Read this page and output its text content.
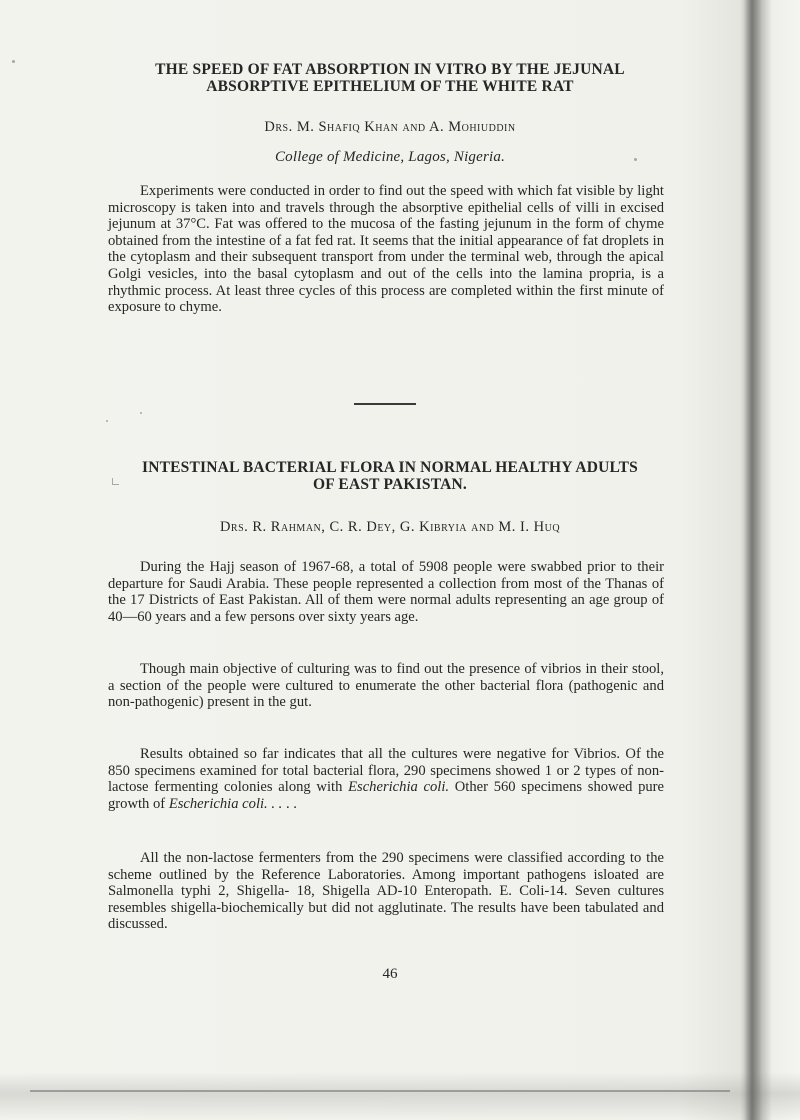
THE SPEED OF FAT ABSORPTION IN VITRO BY THE JEJUNAL
ABSORPTIVE EPITHELIUM OF THE WHITE RAT
Drs. M. Shafiq Khan and A. Mohiuddin
College of Medicine, Lagos, Nigeria.

Experiments were conducted in order to find out the speed with which fat visible by light microscopy is taken into and travels through the absorptive epithelial cells of villi in excised jejunum at 37°C. Fat was offered to the mucosa of the fasting jejunum in the form of chyme obtained from the intestine of a fat fed rat. It seems that the initial appearance of fat droplets in the cytoplasm and their subsequent transport from under the terminal web, through the apical Golgi vesicles, into the basal cytoplasm and out of the cells into the lamina propria, is a rhythmic process. At least three cycles of this process are completed within the first minute of exposure to chyme.

INTESTINAL BACTERIAL FLORA IN NORMAL HEALTHY ADULTS
OF EAST PAKISTAN.
Drs. R. Rahman, C. R. Dey, G. Kibryia and M. I. Huq

During the Hajj season of 1967-68, a total of 5908 people were swabbed prior to their departure for Saudi Arabia. These people represented a collection from most of the Thanas of the 17 Districts of East Pakistan. All of them were normal adults representing an age group of 40—60 years and a few persons over sixty years age.

Though main objective of culturing was to find out the presence of vibrios in their stool, a section of the people were cultured to enumerate the other bacterial flora (pathogenic and non-pathogenic) present in the gut.

Results obtained so far indicates that all the cultures were negative for Vibrios. Of the 850 specimens examined for total bacterial flora, 290 specimens showed 1 or 2 types of non-lactose fermenting colonies along with Escherichia coli. Other 560 specimens showed pure growth of Escherichia coli. . . . .

All the non-lactose fermenters from the 290 specimens were classified according to the scheme outlined by the Reference Laboratories. Among important pathogens isloated are Salmonella typhi 2, Shigella- 18, Shigella AD-10 Enteropath. E. Coli-14. Seven cultures resembles shigella-biochemically but did not agglutinate. The results have been tabulated and discussed.

46
